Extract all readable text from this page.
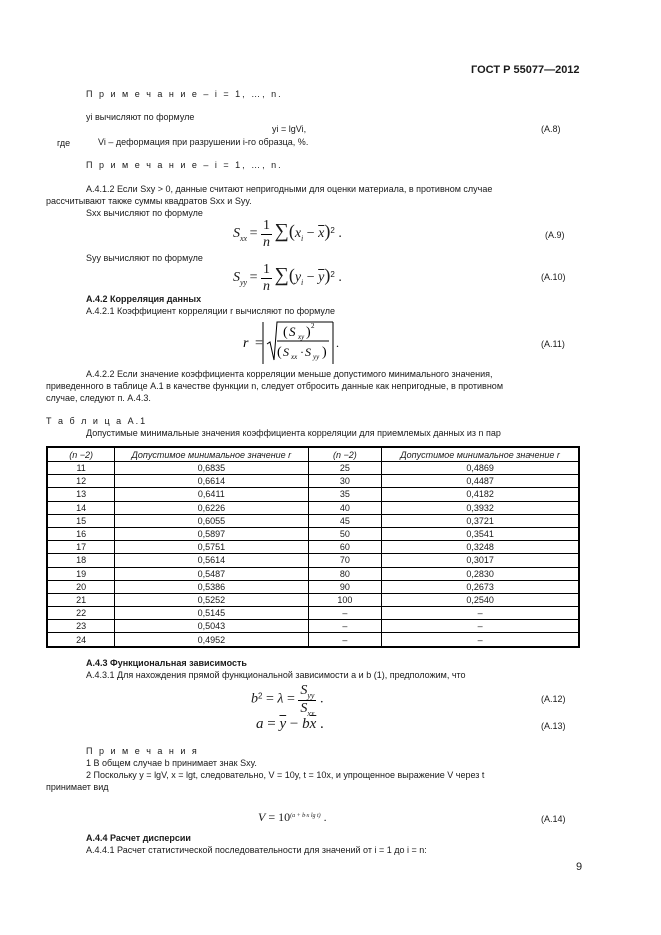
ГОСТ Р 55077—2012
П р и м е ч а н и е – i = 1, …, n.
yi вычисляют по формуле
yi = lgVi,	(А.8)
где	Vi – деформация при разрушении i-го образца, %.
П р и м е ч а н и е – i = 1, …, n.
А.4.1.2 Если Sxy > 0, данные считают непригодными для оценки материала, в противном случае
рассчитывают также суммы квадратов Sxx и Syy.
Sxx вычисляют по формуле
$S_{xx} = \frac{1}{n} \sum(x_i - \overline{x})^2$ .	(А.9)
Syy вычисляют по формуле
$S_{yy} = \frac{1}{n} \sum(y_i - \overline{y})^2$ .	(А.10)
А.4.2 Корреляция данных
А.4.2.1 Коэффициент корреляции r вычисляют по формуле
r =
( S xy ) 2
( S xx · S yy )
.	(А.11)
А.4.2.2 Если значение коэффициента корреляции меньше допустимого минимального значения,
приведенного в таблице А.1 в качестве функции n, следует отбросить данные как непригодные, в противном
случае, следуют п. А.4.3.
Т а б л и ц а А.1
Допустимые минимальные значения коэффициента корреляции для приемлемых данных из n пар
(n −2)	Допустимое минимальное значение r	(n −2)	Допустимое минимальное значение r
11	0,6835	25	0,4869
12	0,6614	30	0,4487
13	0,6411	35	0,4182
14	0,6226	40	0,3932
15	0,6055	45	0,3721
16	0,5897	50	0,3541
17	0,5751	60	0,3248
18	0,5614	70	0,3017
19	0,5487	80	0,2830
20	0,5386	90	0,2673
21	0,5252	100	0,2540
22	0,5145	–	–
23	0,5043	–	–
24	0,4952	–	–
А.4.3 Функциональная зависимость
А.4.3.1 Для нахождения прямой функциональной зависимости a и b (1), предположим, что
$b^2 = \lambda = \frac{S_{yy}}{S_{xx}}$ .	(А.12)
$a = \overline{y} - b\overline{x}$ .	(А.13)
П р и м е ч а н и я
1 В общем случае b принимает знак Sxy.
2 Поскольку y = lgV, x = lgt, следовательно, V = 10y, t = 10x, и упрощенное выражение V через t
принимает вид
$V = 10^{(a + b\cdot x lg t)}$ .	(А.14)
А.4.4 Расчет дисперсии
А.4.4.1 Расчет статистической последовательности для значений от i = 1 до i = n:
9
